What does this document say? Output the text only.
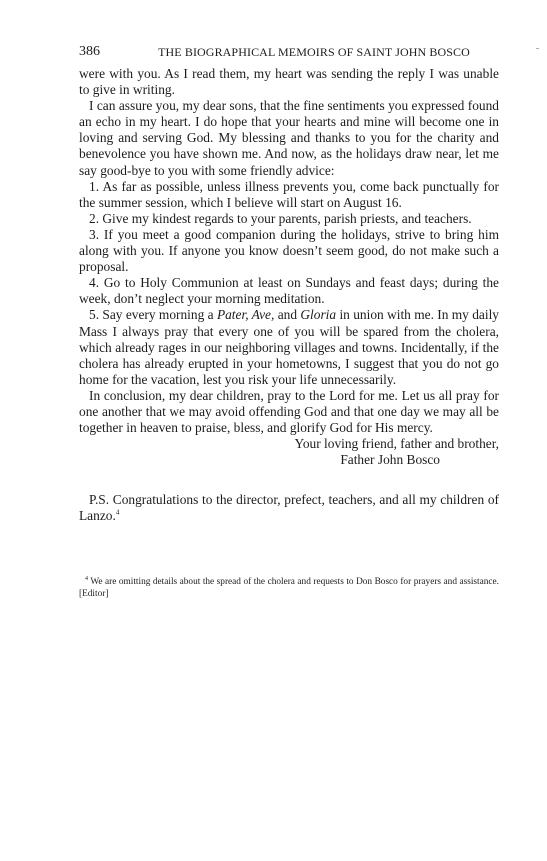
386	THE BIOGRAPHICAL MEMOIRS OF SAINT JOHN BOSCO

were with you. As I read them, my heart was sending the reply I was unable to give in writing.

I can assure you, my dear sons, that the fine sentiments you expressed found an echo in my heart. I do hope that your hearts and mine will become one in loving and serving God. My blessing and thanks to you for the charity and benevolence you have shown me. And now, as the holidays draw near, let me say good-bye to you with some friendly advice:

1. As far as possible, unless illness prevents you, come back punctually for the summer session, which I believe will start on August 16.

2. Give my kindest regards to your parents, parish priests, and teachers.

3. If you meet a good companion during the holidays, strive to bring him along with you. If anyone you know doesn’t seem good, do not make such a proposal.

4. Go to Holy Communion at least on Sundays and feast days; during the week, don’t neglect your morning meditation.

5. Say every morning a Pater, Ave, and Gloria in union with me. In my daily Mass I always pray that every one of you will be spared from the cholera, which already rages in our neighboring villages and towns. Incidentally, if the cholera has already erupted in your hometowns, I suggest that you do not go home for the vacation, lest you risk your life unnecessarily.

In conclusion, my dear children, pray to the Lord for me. Let us all pray for one another that we may avoid offending God and that one day we may all be together in heaven to praise, bless, and glorify God for His mercy.

Your loving friend, father and brother,
Father John Bosco

P.S. Congratulations to the director, prefect, teachers, and all my children of Lanzo.$^4$

$^4$ We are omitting details about the spread of the cholera and requests to Don Bosco for prayers and assistance. [Editor]
